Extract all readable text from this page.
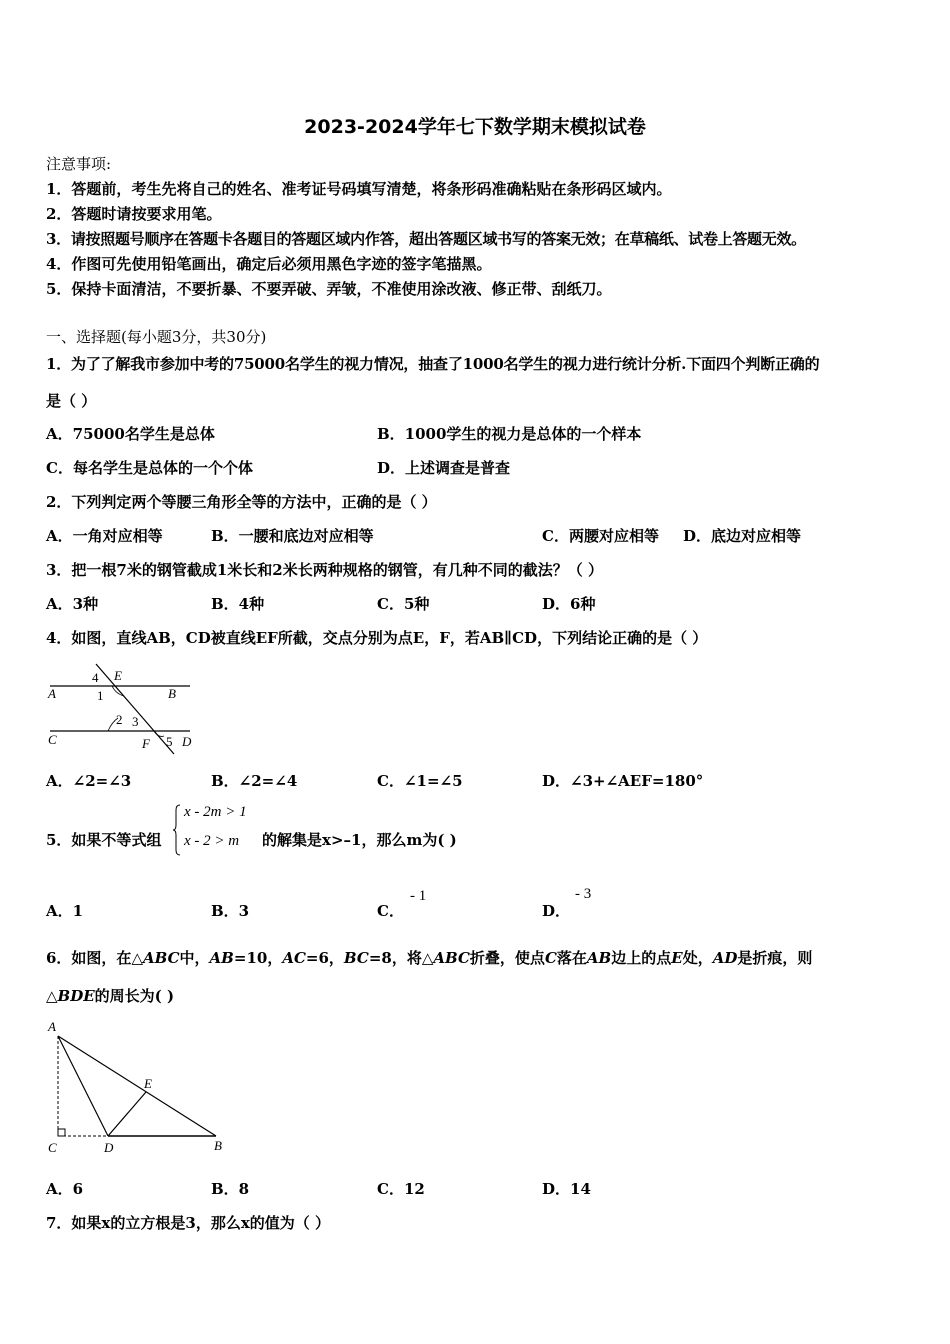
2023-2024学年七下数学期末模拟试卷
注意事项:
1．答题前，考生先将自己的姓名、准考证号码填写清楚，将条形码准确粘贴在条形码区域内。
2．答题时请按要求用笔。
3．请按照题号顺序在答题卡各题目的答题区域内作答，超出答题区域书写的答案无效；在草稿纸、试卷上答题无效。
4．作图可先使用铅笔画出，确定后必须用黑色字迹的签字笔描黑。
5．保持卡面清洁，不要折暴、不要弄破、弄皱，不准使用涂改液、修正带、刮纸刀。
一、选择题(每小题3分，共30分)
1．为了了解我市参加中考的75000名学生的视力情况，抽查了1000名学生的视力进行统计分析.下面四个判断正确的
是（ ）
A．75000名学生是总体	B．1000学生的视力是总体的一个样本
C．每名学生是总体的一个个体	D．上述调查是普查
2．下列判定两个等腰三角形全等的方法中，正确的是（ ）
A．一角对应相等	B．一腰和底边对应相等	C．两腰对应相等 D．底边对应相等
3．把一根7米的钢管截成1米长和2米长两种规格的钢管，有几种不同的截法？（ ）
A．3种	B．4种	C．5种	D．6种
4．如图，直线AB，CD被直线EF所截，交点分别为点E，F，若AB∥CD，下列结论正确的是（ ）
A	B
C	D
E
F
4
1
2 3
5
A．∠2=∠3	B．∠2=∠4	C．∠1=∠5	D．∠3+∠AEF=180°
5．如果不等式组
x - 2m > 1
x - 2 > m 的解集是x>–1，那么m为( )
A．1	B．3	C．
- 1
D．
- 3
6．如图，在△ABC中，AB=10，AC=6，BC=8，将△ABC折叠，使点C落在AB边上的点E处，AD是折痕，则
△BDE的周长为( )
A
C	D	B
E
A．6	B．8	C．12	D．14
7．如果x的立方根是3，那么x的值为（ ）
